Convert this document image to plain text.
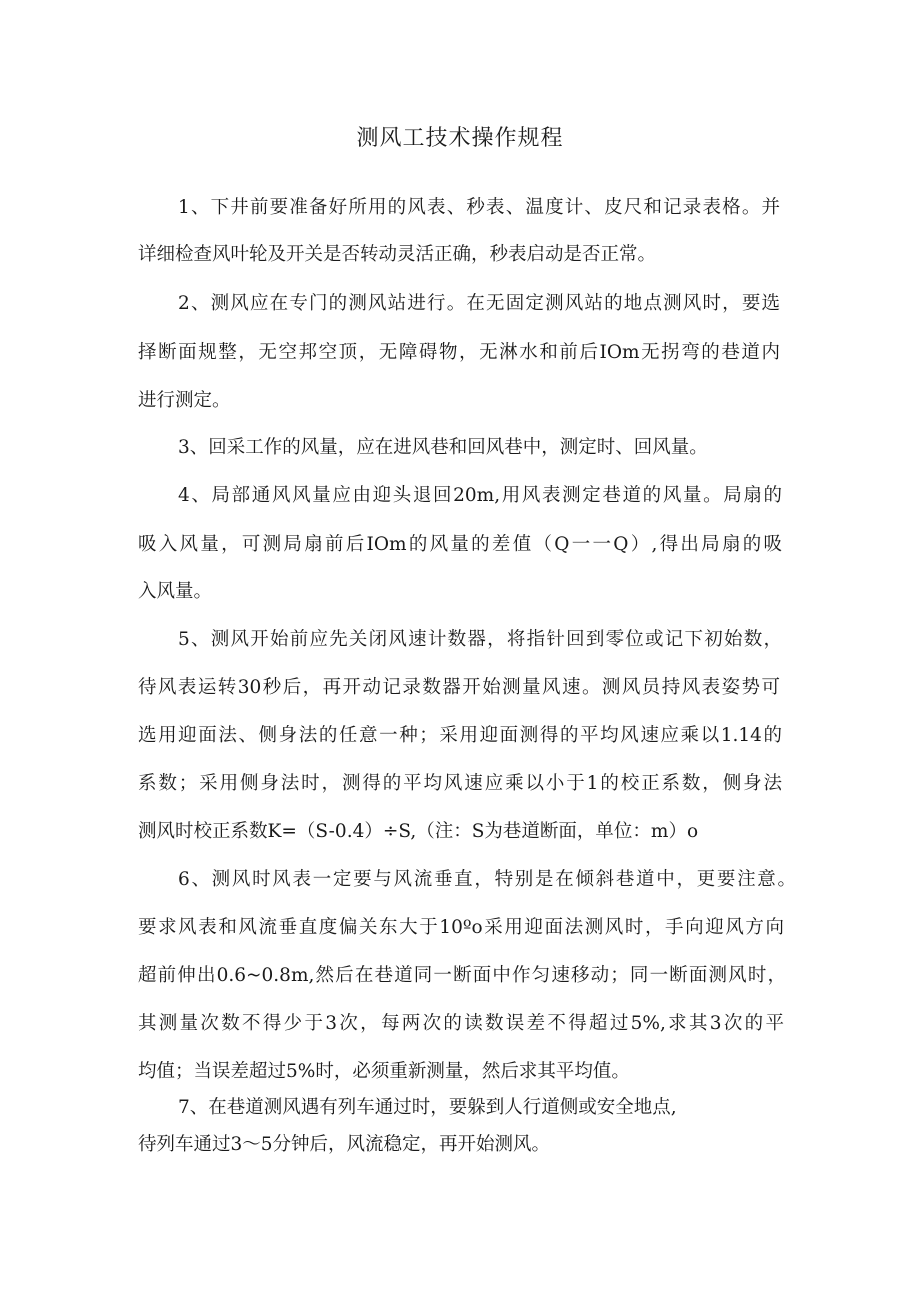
测风工技术操作规程
1、下井前要准备好所用的风表、秒表、温度计、皮尺和记录表格。并
详细检查风叶轮及开关是否转动灵活正确，秒表启动是否正常。
2、测风应在专门的测风站进行。在无固定测风站的地点测风时，要选
择断面规整，无空邦空顶，无障碍物，无淋水和前后IOm无拐弯的巷道内
进行测定。
3、回采工作的风量，应在进风巷和回风巷中，测定时、回风量。
4、局部通风风量应由迎头退回20m,用风表测定巷道的风量。局扇的
吸入风量，可测局扇前后IOm的风量的差值（Q一一Q）,得出局扇的吸
入风量。
5、测风开始前应先关闭风速计数器，将指针回到零位或记下初始数，
待风表运转30秒后，再开动记录数器开始测量风速。测风员持风表姿势可
选用迎面法、侧身法的任意一种；采用迎面测得的平均风速应乘以1.14的
系数；采用侧身法时，测得的平均风速应乘以小于1的校正系数，侧身法
测风时校正系数K=（S-0.4）÷S,（注：S为巷道断面，单位：m）o
6、测风时风表一定要与风流垂直，特别是在倾斜巷道中，更要注意。
要求风表和风流垂直度偏关东大于10ºo采用迎面法测风时，手向迎风方向
超前伸出0.6~0.8m,然后在巷道同一断面中作匀速移动；同一断面测风时，
其测量次数不得少于3次，每两次的读数误差不得超过5%,求其3次的平
均值；当误差超过5%时，必须重新测量，然后求其平均值。
7、在巷道测风遇有列车通过时，要躲到人行道侧或安全地点,
待列车通过3～5分钟后，风流稳定，再开始测风。
